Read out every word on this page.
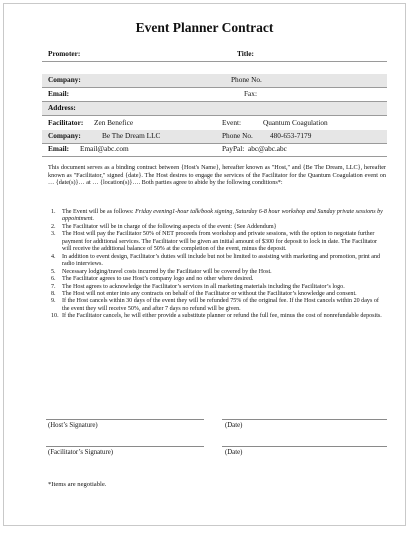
Event Planner Contract
Promoter:	Title:
Company:	Phone No.
Email:	Fax:
Address:
Facilitator: Zen Benefice	Event:	Quantum Coagulation
Company:	Be The Dream LLC	Phone No. 480-653-7179
Email: Email@abc.com	PayPal: abc@abc.abc
This document serves as a binding contract between {Host's Name}, hereafter known as "Host," and {Be The Dream, LLC}, hereafter known as "Facilitator," signed {date}. The Host desires to engage the services of the Facilitator for the Quantum Coagulation event on … {date(s)}… at … {location(s)}…. Both parties agree to abide by the following conditions*:
1. The Event will be as follows: Friday evening1-hour talk/book signing, Saturday 6-8 hour workshop and Sunday private sessions by appointment.
2. The Facilitator will be in charge of the following aspects of the event: {See Addendum}
3. The Host will pay the Facilitator 50% of NET proceeds from workshop and private sessions, with the option to negotiate further payment for additional services. The Facilitator will be given an initial amount of $300 for deposit to lock in date. The Facilitator will receive the additional balance of 50% at the completion of the event, minus the deposit.
4. In addition to event design, Facilitator’s duties will include but not be limited to assisting with marketing and promotion, print and radio interviews.
5. Necessary lodging/travel costs incurred by the Facilitator will be covered by the Host.
6. The Facilitator agrees to use Host’s company logo and no other where desired.
7. The Host agrees to acknowledge the Facilitator’s services in all marketing materials including the Facilitator’s logo.
8. The Host will not enter into any contracts on behalf of the Facilitator or without the Facilitator’s knowledge and consent.
9. If the Host cancels within 30 days of the event they will be refunded 75% of the original fee. If the Host cancels within 20 days of the event they will receive 50%, and after 7 days no refund will be given.
10. If the Facilitator cancels, he will either provide a substitute planner or refund the full fee, minus the cost of nonrefundable deposits.
(Host’s Signature)	(Date)
(Facilitator’s Signature)	(Date)
*Items are negotiable.
